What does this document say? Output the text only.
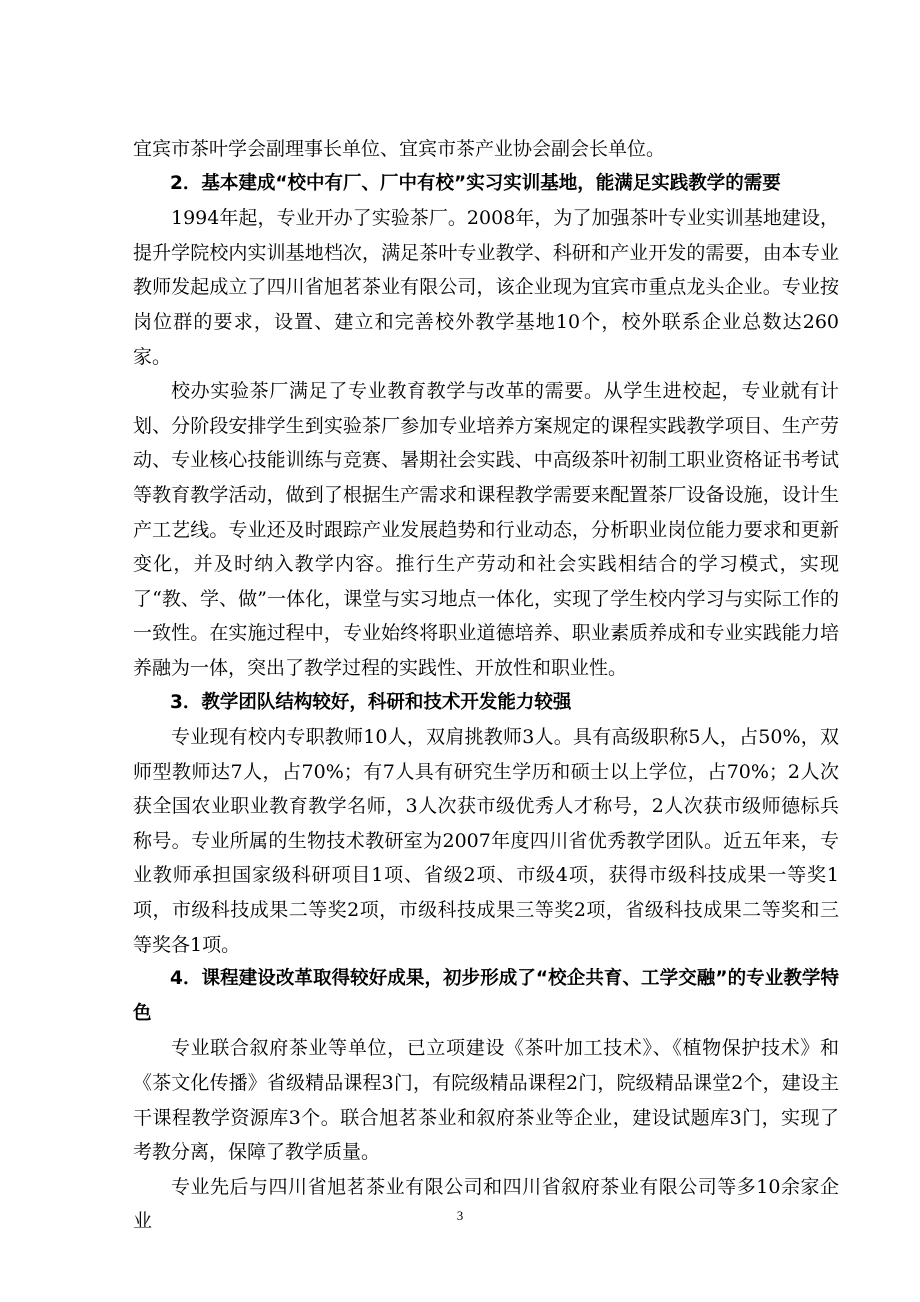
宜宾市茶叶学会副理事长单位、宜宾市茶产业协会副会长单位。

2．基本建成“校中有厂、厂中有校”实习实训基地，能满足实践教学的需要

1994年起，专业开办了实验茶厂。2008年，为了加强茶叶专业实训基地建设，提升学院校内实训基地档次，满足茶叶专业教学、科研和产业开发的需要，由本专业教师发起成立了四川省旭茗茶业有限公司，该企业现为宜宾市重点龙头企业。专业按岗位群的要求，设置、建立和完善校外教学基地10个，校外联系企业总数达260家。

校办实验茶厂满足了专业教育教学与改革的需要。从学生进校起，专业就有计划、分阶段安排学生到实验茶厂参加专业培养方案规定的课程实践教学项目、生产劳动、专业核心技能训练与竞赛、暑期社会实践、中高级茶叶初制工职业资格证书考试等教育教学活动，做到了根据生产需求和课程教学需要来配置茶厂设备设施，设计生产工艺线。专业还及时跟踪产业发展趋势和行业动态，分析职业岗位能力要求和更新变化，并及时纳入教学内容。推行生产劳动和社会实践相结合的学习模式，实现了“教、学、做”一体化，课堂与实习地点一体化，实现了学生校内学习与实际工作的一致性。在实施过程中，专业始终将职业道德培养、职业素质养成和专业实践能力培养融为一体，突出了教学过程的实践性、开放性和职业性。

3．教学团队结构较好，科研和技术开发能力较强

专业现有校内专职教师10人，双肩挑教师3人。具有高级职称5人，占50%，双师型教师达7人，占70%；有7人具有研究生学历和硕士以上学位，占70%；2人次获全国农业职业教育教学名师，3人次获市级优秀人才称号，2人次获市级师德标兵称号。专业所属的生物技术教研室为2007年度四川省优秀教学团队。近五年来，专业教师承担国家级科研项目1项、省级2项、市级4项，获得市级科技成果一等奖1项，市级科技成果二等奖2项，市级科技成果三等奖2项，省级科技成果二等奖和三等奖各1项。

4．课程建设改革取得较好成果，初步形成了“校企共育、工学交融”的专业教学特色

专业联合叙府茶业等单位，已立项建设《茶叶加工技术》、《植物保护技术》和《茶文化传播》省级精品课程3门，有院级精品课程2门，院级精品课堂2个，建设主干课程教学资源库3个。联合旭茗茶业和叙府茶业等企业，建设试题库3门，实现了考教分离，保障了教学质量。

专业先后与四川省旭茗茶业有限公司和四川省叙府茶业有限公司等多10余家企业	3
